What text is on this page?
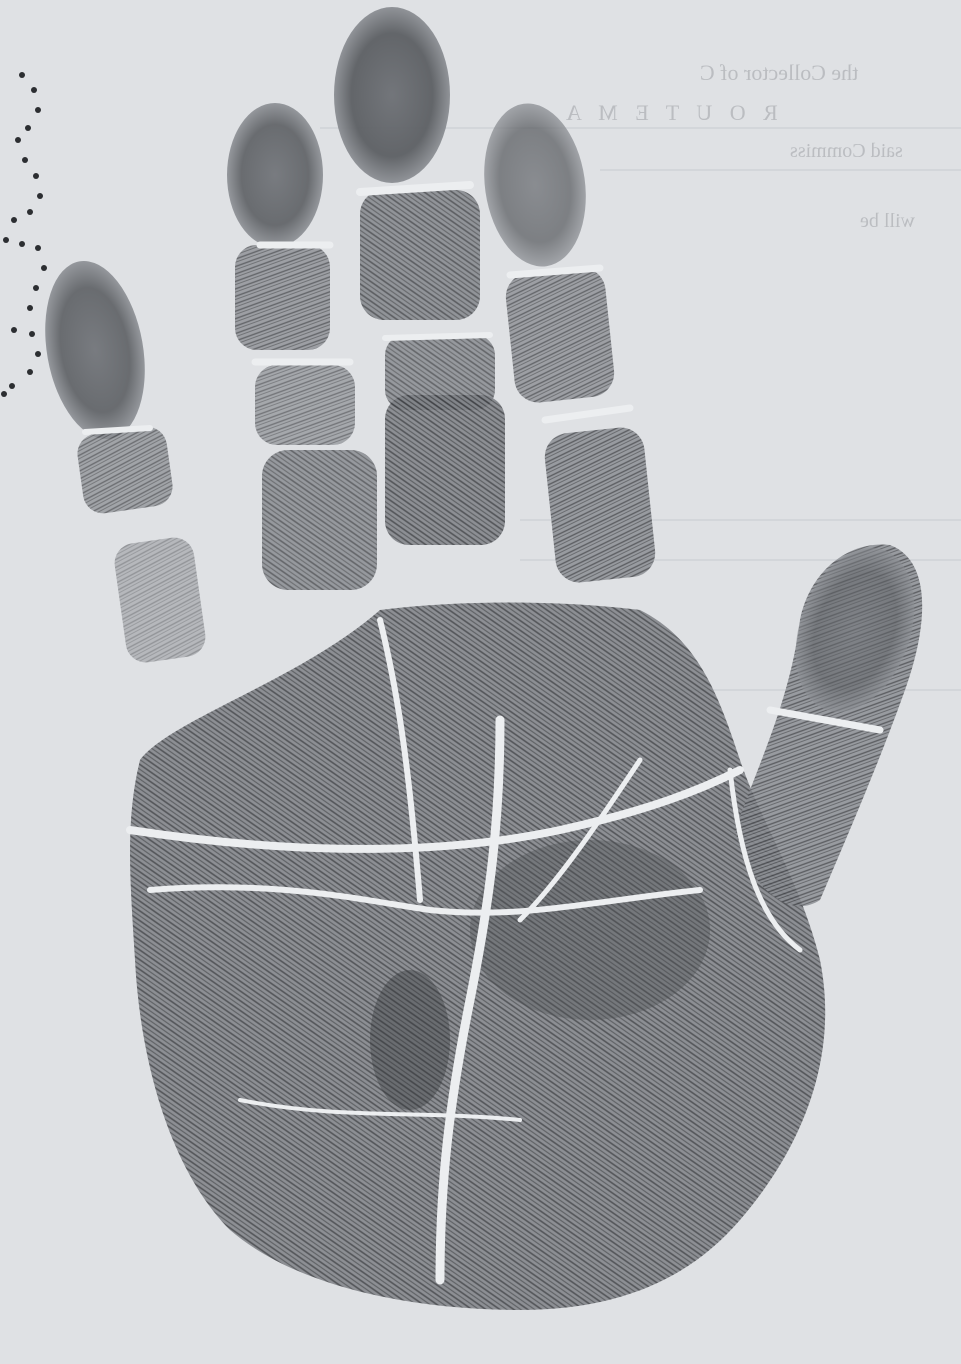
the Collector of C
R O U T E M A
said Commiss
will be
